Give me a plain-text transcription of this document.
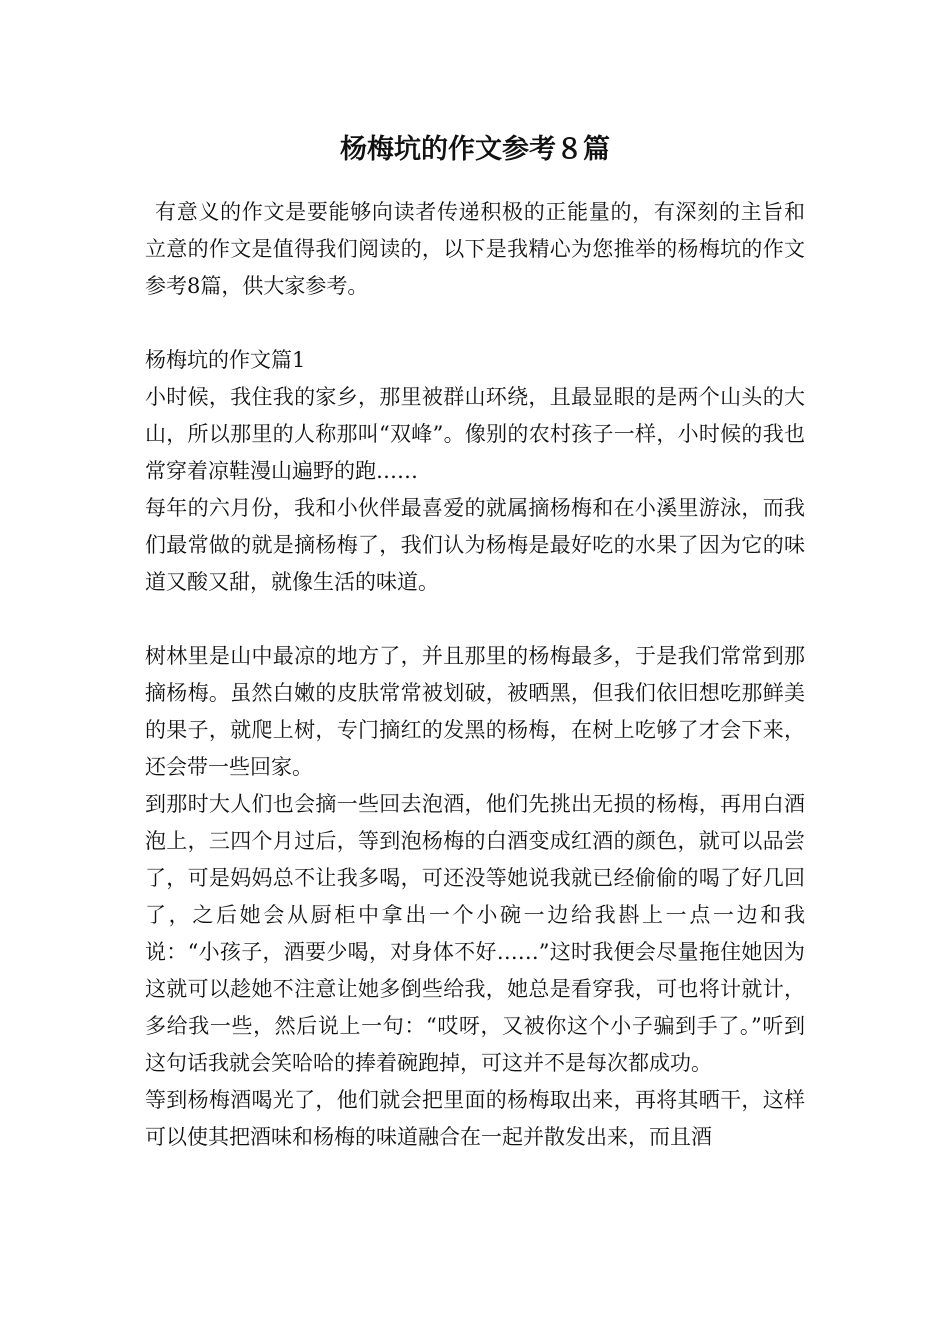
杨梅坑的作文参考８篇

有意义的作文是要能够向读者传递积极的正能量的，有深刻的主旨和立意的作文是值得我们阅读的，以下是我精心为您推举的杨梅坑的作文参考8篇，供大家参考。

杨梅坑的作文篇1

小时候，我住我的家乡，那里被群山环绕，且最显眼的是两个山头的大山，所以那里的人称那叫“双峰”。像别的农村孩子一样，小时候的我也常穿着凉鞋漫山遍野的跑……

每年的六月份，我和小伙伴最喜爱的就属摘杨梅和在小溪里游泳，而我们最常做的就是摘杨梅了，我们认为杨梅是最好吃的水果了因为它的味道又酸又甜，就像生活的味道。

树林里是山中最凉的地方了，并且那里的杨梅最多，于是我们常常到那摘杨梅。虽然白嫩的皮肤常常被划破，被晒黑，但我们依旧想吃那鲜美的果子，就爬上树，专门摘红的发黑的杨梅，在树上吃够了才会下来，还会带一些回家。

到那时大人们也会摘一些回去泡酒，他们先挑出无损的杨梅，再用白酒泡上，三四个月过后，等到泡杨梅的白酒变成红酒的颜色，就可以品尝了，可是妈妈总不让我多喝，可还没等她说我就已经偷偷的喝了好几回了，之后她会从厨柜中拿出一个小碗一边给我斟上一点一边和我说：“小孩子，酒要少喝，对身体不好……”这时我便会尽量拖住她因为这就可以趁她不注意让她多倒些给我，她总是看穿我，可也将计就计，多给我一些，然后说上一句：“哎呀，又被你这个小子骗到手了。”听到这句话我就会笑哈哈的捧着碗跑掉，可这并不是每次都成功。

等到杨梅酒喝光了，他们就会把里面的杨梅取出来，再将其晒干，这样可以使其把酒味和杨梅的味道融合在一起并散发出来，而且酒
